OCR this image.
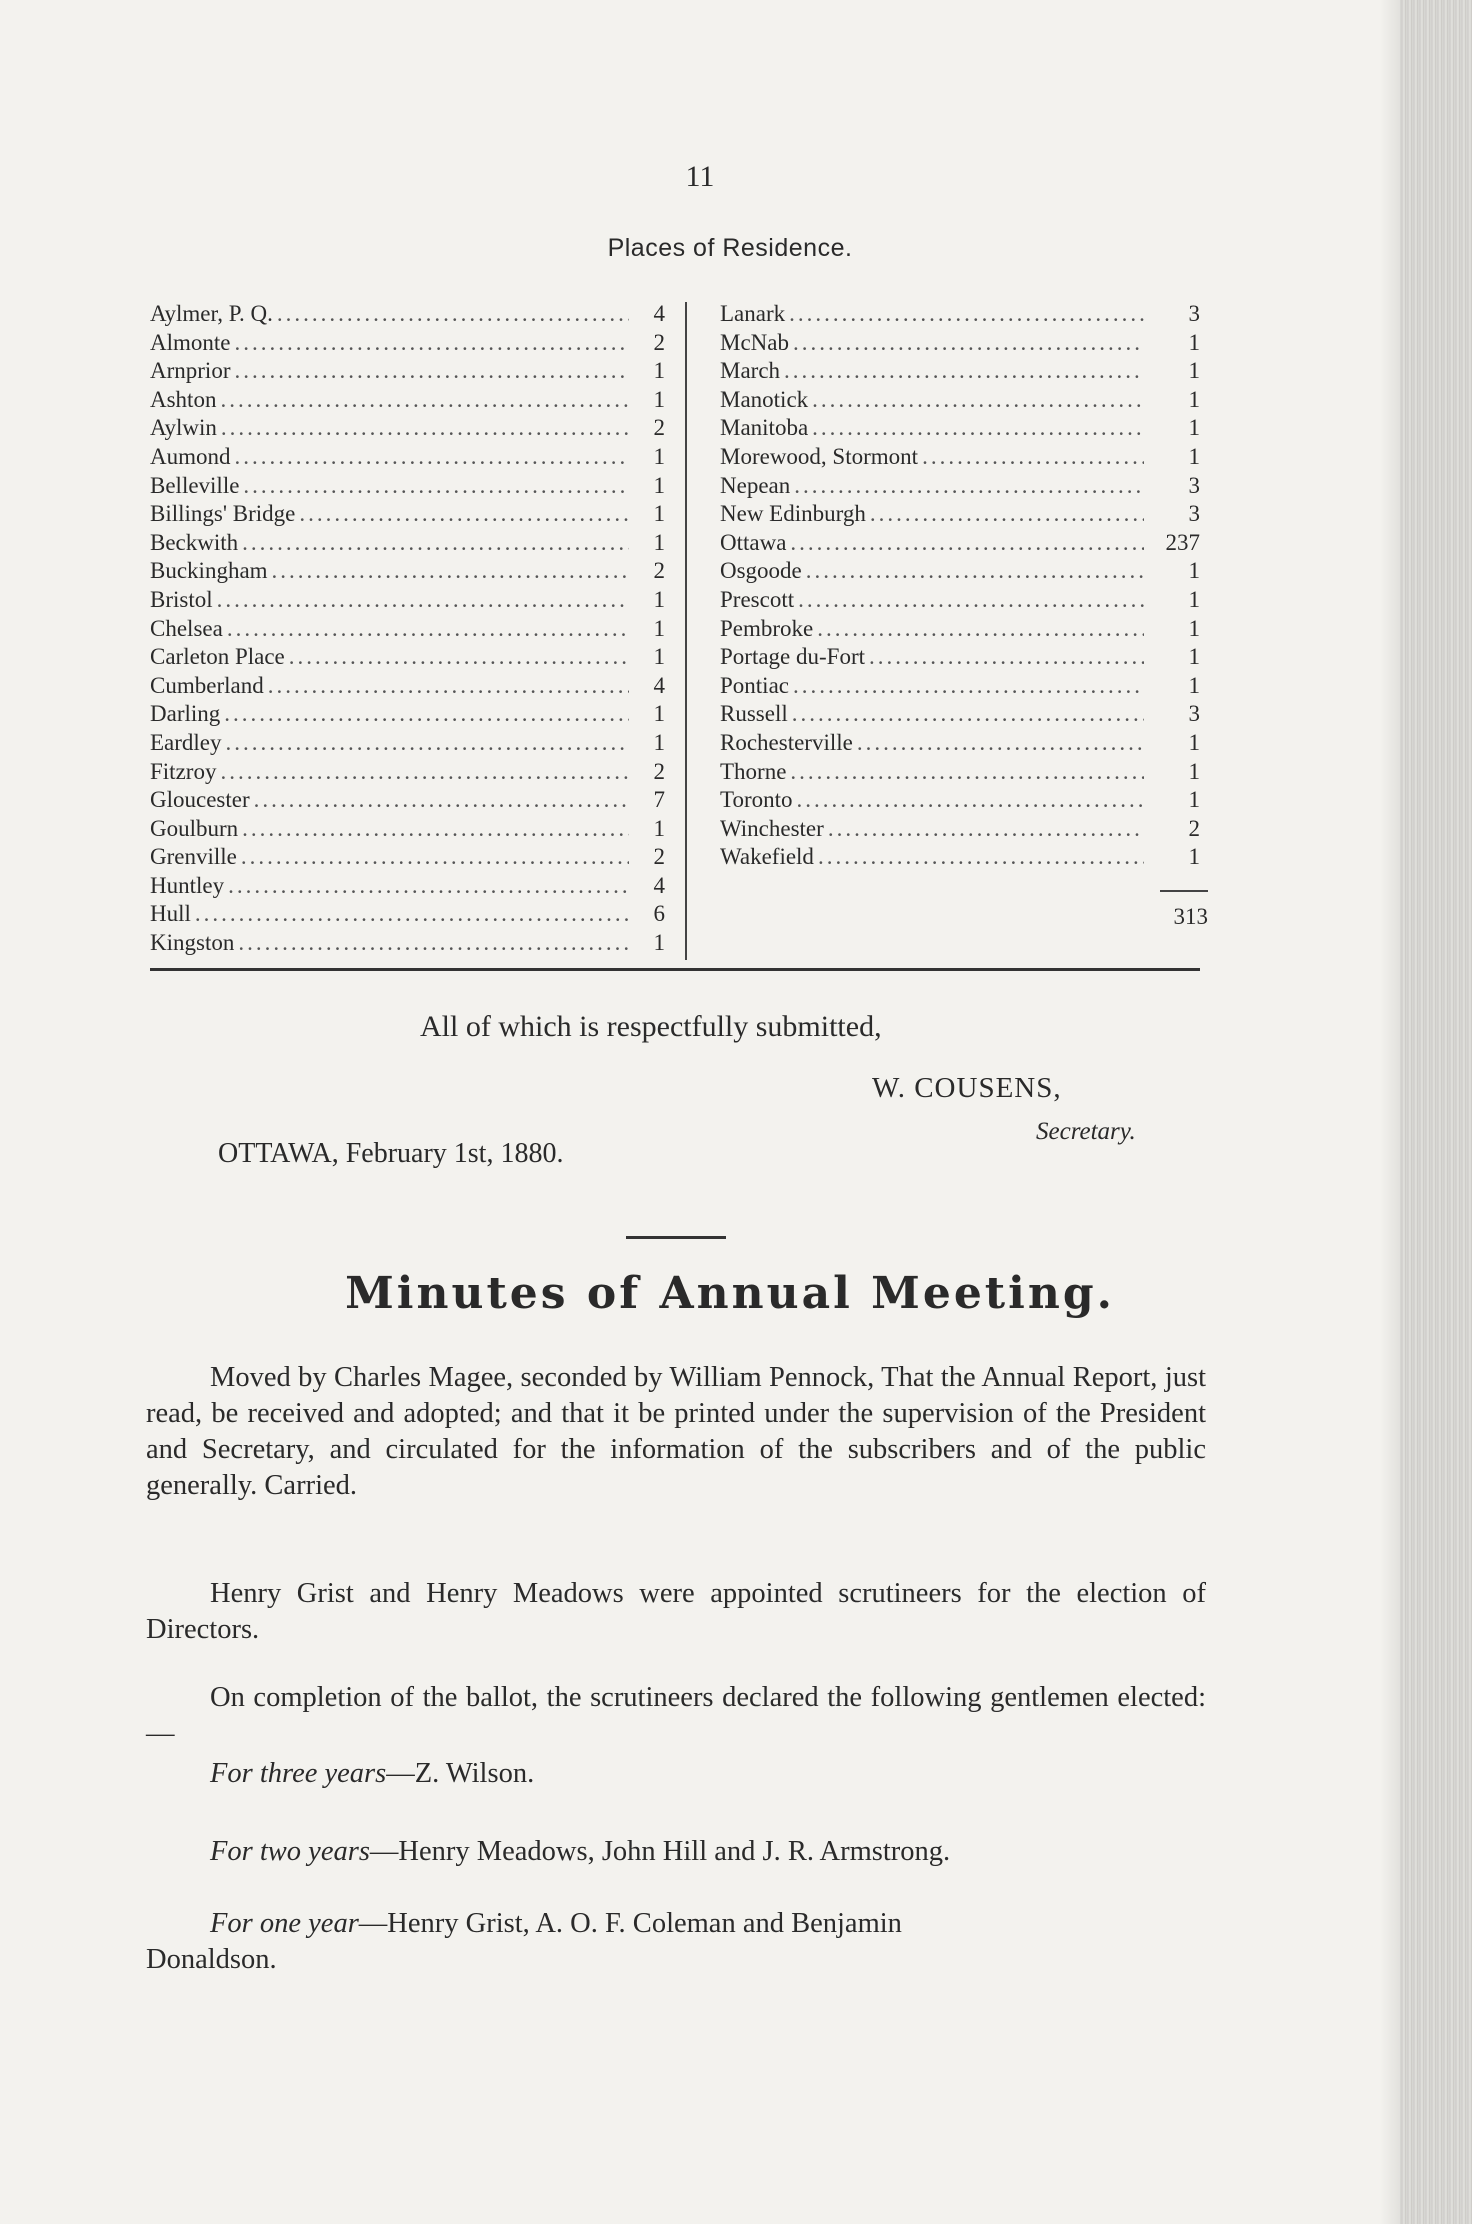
11
Places of Residence.
Aylmer, P. Q. .....	4
Almonte .....	2
Arnprior .....	1
Ashton .....	1
Aylwin .....	2
Aumond .....	1
Belleville .....	1
Billings' Bridge .....	1
Beckwith .....	1
Buckingham .....	2
Bristol .....	1
Chelsea .....	1
Carleton Place .....	1
Cumberland .....	4
Darling .....	1
Eardley .....	1
Fitzroy .....	2
Gloucester .....	7
Goulburn .....	1
Grenville .....	2
Huntley .....	4
Hull .....	6
Kingston .....	1
Lanark .....	3
McNab .....	1
March .....	1
Manotick .....	1
Manitoba .....	1
Morewood, Stormont .....	1
Nepean .....	3
New Edinburgh .....	3
Ottawa .....	237
Osgoode .....	1
Prescott .....	1
Pembroke .....	1
Portage du-Fort .....	1
Pontiac .....	1
Russell .....	3
Rochesterville .....	1
Thorne .....	1
Toronto .....	1
Winchester .....	2
Wakefield .....	1
313
All of which is respectfully submitted,
W. COUSENS,
Secretary.
OTTAWA, February 1st, 1880.
Minutes of Annual Meeting.

Moved by Charles Magee, seconded by William Pennock, That the Annual Report, just read, be received and adopted; and that it be printed under the supervision of the President and Secretary, and circulated for the information of the subscribers and of the public generally. Carried.

Henry Grist and Henry Meadows were appointed scrutineers for the election of Directors.

On completion of the ballot, the scrutineers declared the following gentlemen elected:—

For three years—Z. Wilson.
For two years—Henry Meadows, John Hill and J. R. Armstrong.
For one year—Henry Grist, A. O. F. Coleman and Benjamin
Donaldson.
